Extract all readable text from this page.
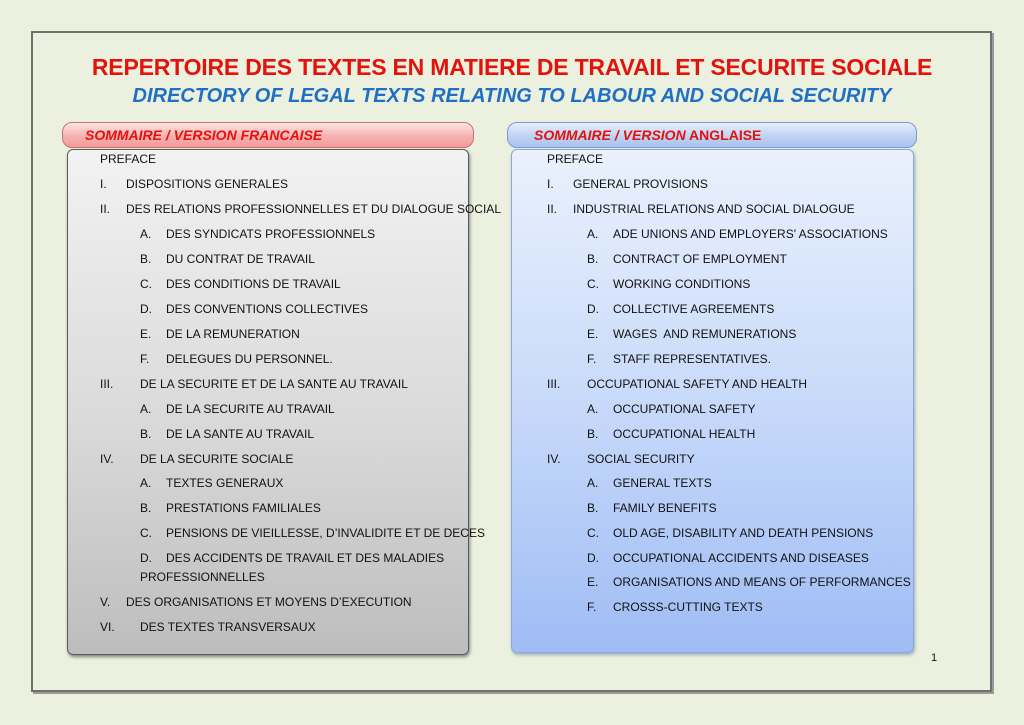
REPERTOIRE DES TEXTES EN MATIERE DE TRAVAIL ET SECURITE SOCIALE
DIRECTORY OF LEGAL TEXTS RELATING TO LABOUR AND SOCIAL SECURITY
SOMMAIRE / VERSION FRANCAISE	SOMMAIRE / VERSION ANGLAISE
PREFACE
I. DISPOSITIONS GENERALES
II. DES RELATIONS PROFESSIONNELLES ET DU DIALOGUE SOCIAL
A. DES SYNDICATS PROFESSIONNELS
B. DU CONTRAT DE TRAVAIL
C. DES CONDITIONS DE TRAVAIL
D. DES CONVENTIONS COLLECTIVES
E. DE LA REMUNERATION
F. DELEGUES DU PERSONNEL.
III. DE LA SECURITE ET DE LA SANTE AU TRAVAIL
A. DE LA SECURITE AU TRAVAIL
B. DE LA SANTE AU TRAVAIL
IV. DE LA SECURITE SOCIALE
A. TEXTES GENERAUX
B. PRESTATIONS FAMILIALES
C. PENSIONS DE VIEILLESSE, D’INVALIDITE ET DE DECES
D. DES ACCIDENTS DE TRAVAIL ET DES MALADIES
PROFESSIONNELLES
V. DES ORGANISATIONS ET MOYENS D’EXECUTION
VI. DES TEXTES TRANSVERSAUX
PREFACE
I. GENERAL PROVISIONS
II. INDUSTRIAL RELATIONS AND SOCIAL DIALOGUE
A. ADE UNIONS AND EMPLOYERS' ASSOCIATIONS
B. CONTRACT OF EMPLOYMENT
C. WORKING CONDITIONS
D. COLLECTIVE AGREEMENTS
E. WAGES  AND REMUNERATIONS
F. STAFF REPRESENTATIVES.
III. OCCUPATIONAL SAFETY AND HEALTH
A. OCCUPATIONAL SAFETY
B. OCCUPATIONAL HEALTH
IV. SOCIAL SECURITY
A. GENERAL TEXTS
B. FAMILY BENEFITS
C. OLD AGE, DISABILITY AND DEATH PENSIONS
D. OCCUPATIONAL ACCIDENTS AND DISEASES
E. ORGANISATIONS AND MEANS OF PERFORMANCES
F. CROSSS-CUTTING TEXTS
1
